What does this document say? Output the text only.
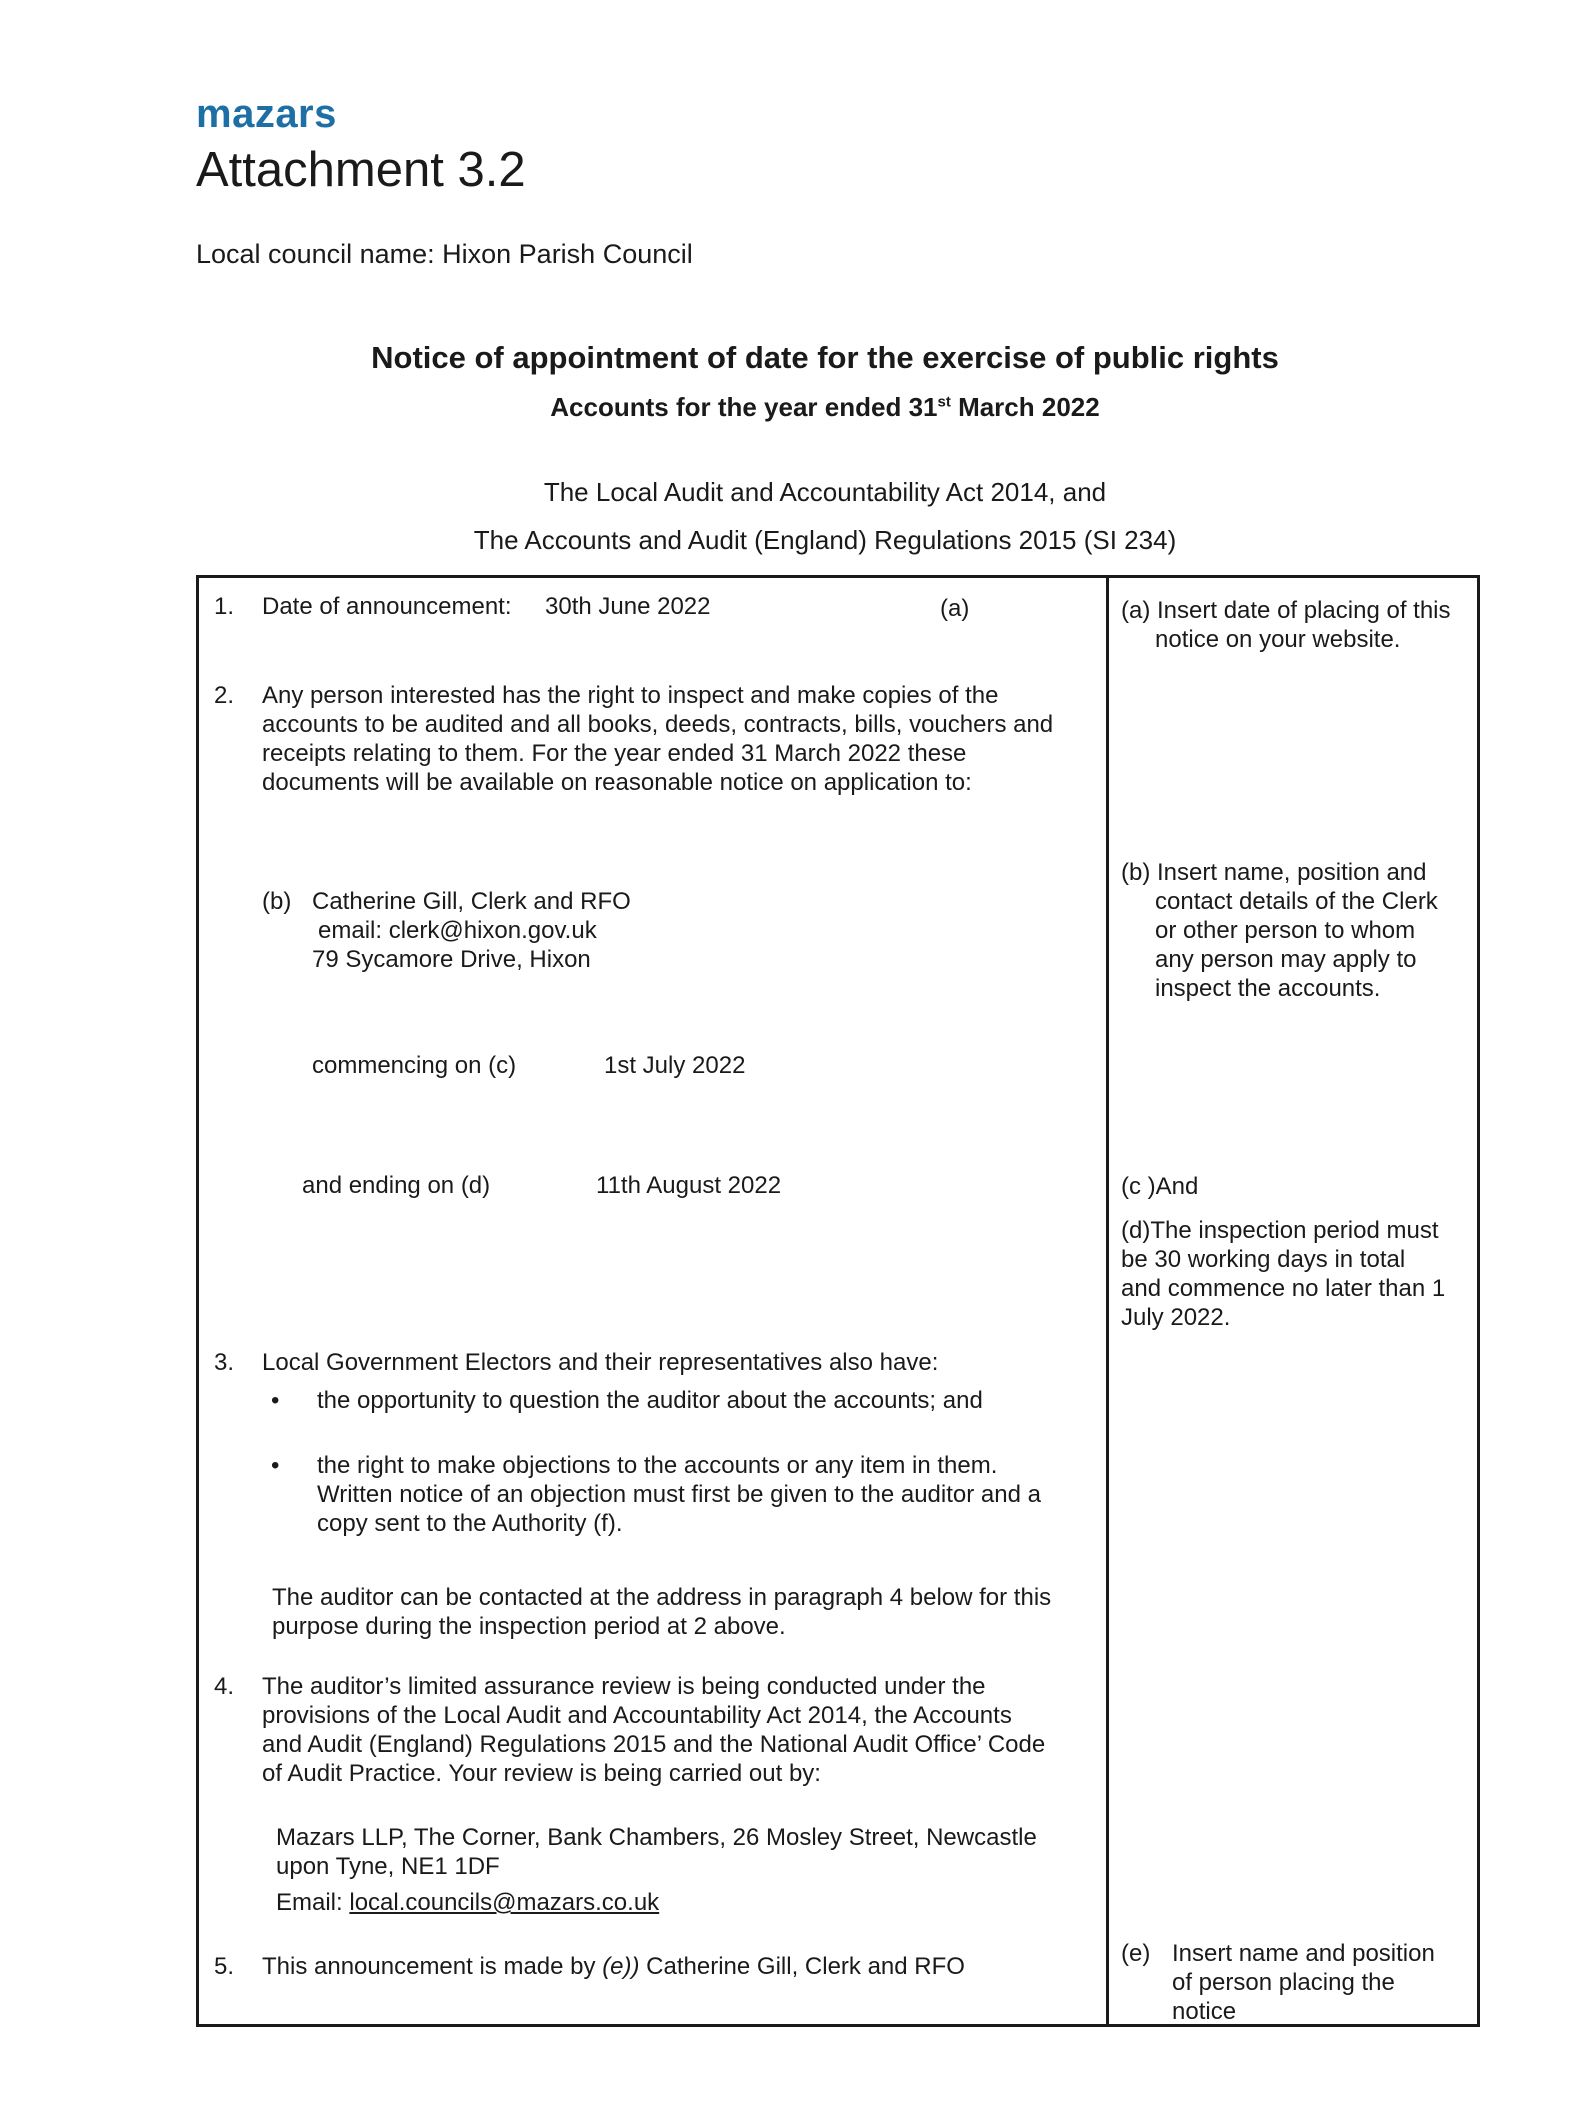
mazars
Attachment 3.2
Local council name: Hixon Parish Council
Notice of appointment of date for the exercise of public rights
Accounts for the year ended 31st March 2022
The Local Audit and Accountability Act 2014, and
The Accounts and Audit (England) Regulations 2015 (SI 234)
1. Date of announcement: 30th June 2022	(a)
2. Any person interested has the right to inspect and make copies of the
accounts to be audited and all books, deeds, contracts, bills, vouchers and
receipts relating to them. For the year ended 31 March 2022 these
documents will be available on reasonable notice on application to:
(b) Catherine Gill, Clerk and RFO
email: clerk@hixon.gov.uk
79 Sycamore Drive, Hixon
commencing on (c)	1st July 2022
and ending on (d)	11th August 2022
3. Local Government Electors and their representatives also have:
• the opportunity to question the auditor about the accounts; and
• the right to make objections to the accounts or any item in them.
Written notice of an objection must first be given to the auditor and a
copy sent to the Authority (f).
The auditor can be contacted at the address in paragraph 4 below for this
purpose during the inspection period at 2 above.
4. The auditor’s limited assurance review is being conducted under the
provisions of the Local Audit and Accountability Act 2014, the Accounts
and Audit (England) Regulations 2015 and the National Audit Office’ Code
of Audit Practice. Your review is being carried out by:
Mazars LLP, The Corner, Bank Chambers, 26 Mosley Street, Newcastle
upon Tyne, NE1 1DF
Email: local.councils@mazars.co.uk
5. This announcement is made by (e)) Catherine Gill, Clerk and RFO
(a) Insert date of placing of this
notice on your website.
(b) Insert name, position and
contact details of the Clerk
or other person to whom
any person may apply to
inspect the accounts.
(c )And
(d)The inspection period must
be 30 working days in total
and commence no later than 1
July 2022.
(e) Insert name and position
of person placing the
notice
